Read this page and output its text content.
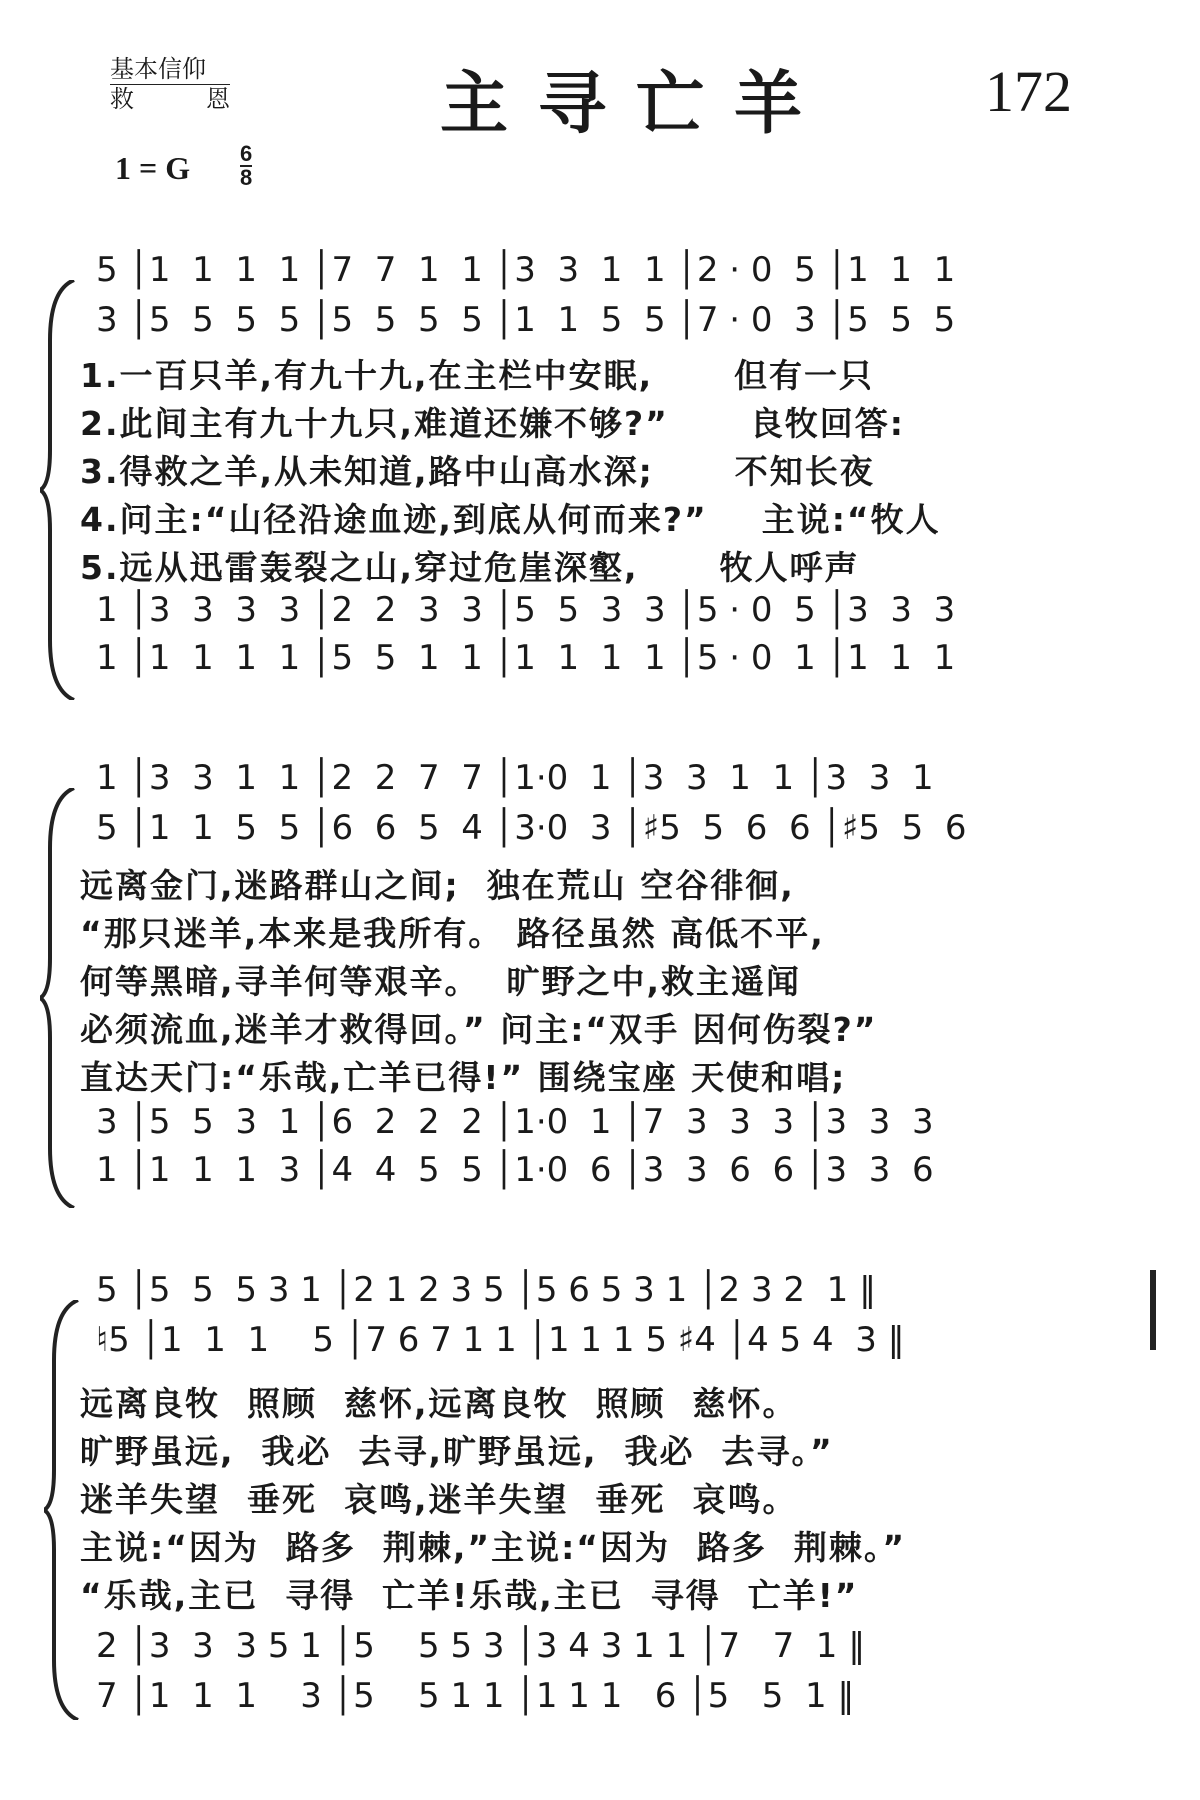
基本信仰
救	恩	主寻亡羊	172
1 = G $\frac{6}{8}$
5 │1  1  1  1 │7  7  1  1 │3  3  1  1 │2 · 0  5 │1  1  1
3 │5  5  5  5 │5  5  5  5 │1  1  5  5 │7 · 0  3 │5  5  5
1.一百只羊,有九十九,在主栏中安眠,      但有一只
2.此间主有九十九只,难道还嫌不够?”      良牧回答:
3.得救之羊,从未知道,路中山高水深;      不知长夜
4.问主:“山径沿途血迹,到底从何而来?”    主说:“牧人
5.远从迅雷轰裂之山,穿过危崖深壑,      牧人呼声
1 │3  3  3  3 │2  2  3  3 │5  5  3  3 │5 · 0  5 │3  3  3
1 │1  1  1  1 │5  5  1  1 │1  1  1  1 │5 · 0  1 │1  1  1
1 │3  3  1  1 │2  2  7  7 │1·0  1 │3  3  1  1 │3  3  1
5 │1  1  5  5 │6  6  5  4 │3·0  3 │♯5  5  6  6 │♯5  5  6
远离金门,迷路群山之间;  独在荒山 空谷徘徊,
“那只迷羊,本来是我所有。 路径虽然 高低不平,
何等黑暗,寻羊何等艰辛。  旷野之中,救主遥闻
必须流血,迷羊才救得回。” 问主:“双手 因何伤裂?”
直达天门:“乐哉,亡羊已得!” 围绕宝座 天使和唱;
3 │5  5  3  1 │6  2  2  2 │1·0  1 │7  3  3  3 │3  3  3
1 │1  1  1  3 │4  4  5  5 │1·0  6 │3  3  6  6 │3  3  6
5 │5  5  5 3 1 │2 1 2 3 5 │5 6 5 3 1 │2 3 2  1 ‖
♮5 │1  1  1    5 │7 6 7 1 1 │1 1 1 5 ♯4 │4 5 4  3 ‖
远离良牧  照顾  慈怀,远离良牧  照顾  慈怀。
旷野虽远,  我必  去寻,旷野虽远,  我必  去寻。”
迷羊失望  垂死  哀鸣,迷羊失望  垂死  哀鸣。
主说:“因为  路多  荆棘,”主说:“因为  路多  荆棘。”
“乐哉,主已  寻得  亡羊!乐哉,主已  寻得  亡羊!”
2 │3  3  3 5 1 │5    5 5 3 │3 4 3 1 1 │7   7  1 ‖
7 │1  1  1    3 │5    5 1 1 │1 1 1   6 │5   5  1 ‖
